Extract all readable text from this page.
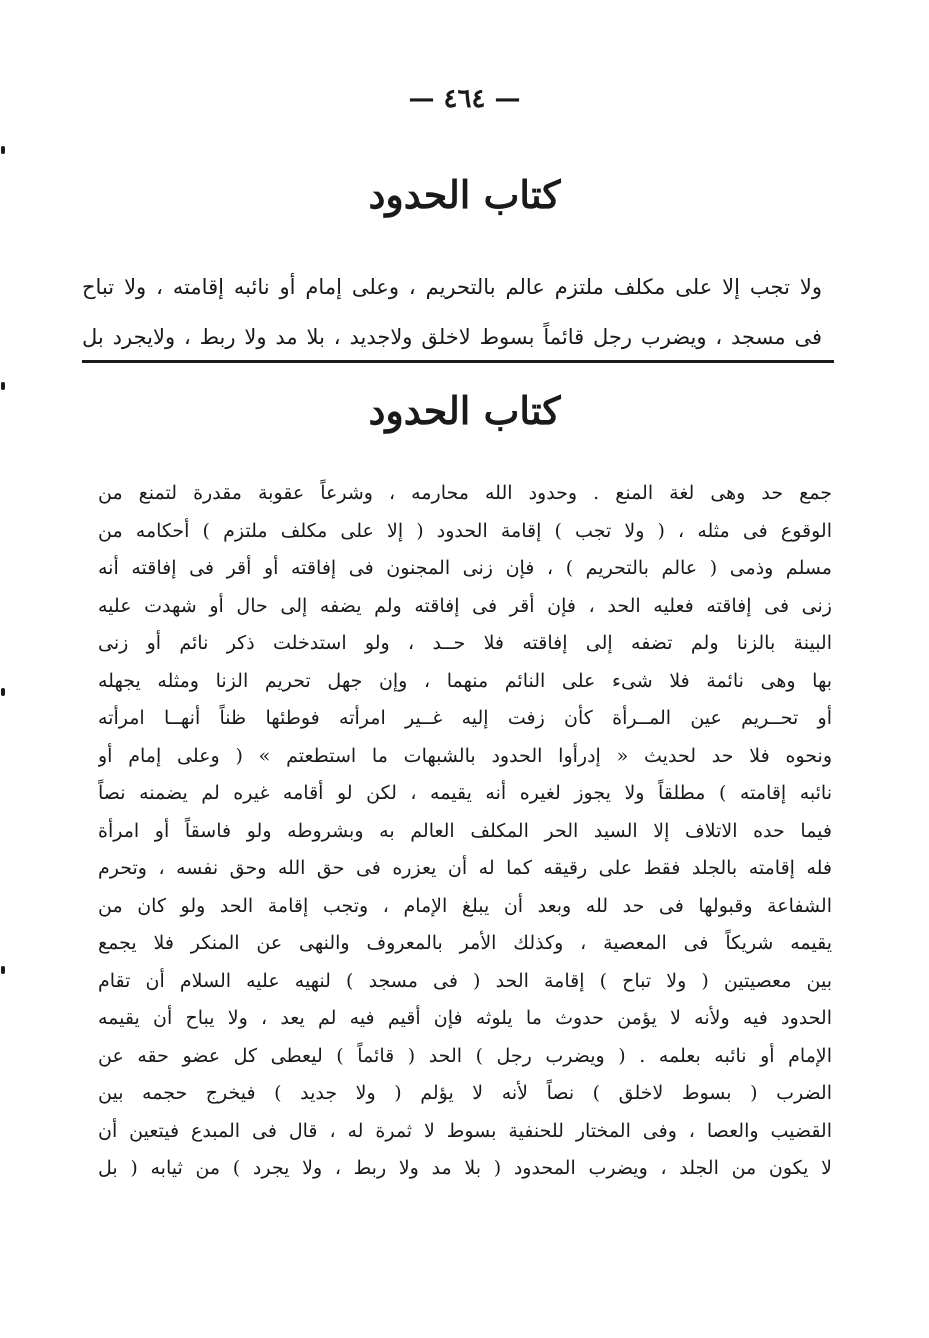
— ٤٦٤ —
كتاب الحدود

ولا تجب إلا على مكلف ملتزم عالم بالتحريم ، وعلى إمام أو نائبه إقامته ، ولا تباح

فى مسجد ، ويضرب رجل قائماً بسوط لاخلق ولاجديد ، بلا مد ولا ربط ، ولايجرد بل

كتاب الحدود
جمع حد وهى لغة المنع . وحدود الله محارمه ، وشرعاً عقوبة مقدرة لتمنع من
الوقوع فى مثله ، ( ولا تجب ) إقامة الحدود ( إلا على مكلف ملتزم ) أحكامه من
مسلم وذمى ( عالم بالتحريم ) ، فإن زنى المجنون فى إفاقته أو أقر فى إفاقته أنه
زنى فى إفاقته فعليه الحد ، فإن أقر فى إفاقته ولم يضفه إلى حال أو شهدت عليه
البينة بالزنا ولم تضفه إلى إفاقته فلا حــد ، ولو استدخلت ذكر نائم أو زنى
بها وهى نائمة فلا شىء على النائم منهما ، وإن جهل تحريم الزنا ومثله يجهله
أو تحــريم عين المــرأة كأن زفت إليه غــير امرأته فوطئها ظناً أنهــا امرأته
ونحوه فلا حد لحديث « إدرأوا الحدود بالشبهات ما استطعتم » ( وعلى إمام أو
نائبه إقامته ) مطلقاً ولا يجوز لغيره أنه يقيمه ، لكن لو أقامه غيره لم يضمنه نصاً
فيما حده الاتلاف إلا السيد الحر المكلف العالم به وبشروطه ولو فاسقاً أو امرأة
فله إقامته بالجلد فقط على رقيقه كما له أن يعزره فى حق الله وحق نفسه ، وتحرم
الشفاعة وقبولها فى حد لله وبعد أن يبلغ الإمام ، وتجب إقامة الحد ولو كان من
يقيمه شريكاً فى المعصية ، وكذلك الأمر بالمعروف والنهى عن المنكر فلا يجمع
بين معصيتين ( ولا تباح ) إقامة الحد ( فى مسجد ) لنهيه عليه السلام أن تقام
الحدود فيه ولأنه لا يؤمن حدوث ما يلوثه فإن أقيم فيه لم يعد ، ولا يباح أن يقيمه
الإمام أو نائبه بعلمه . ( ويضرب رجل ) الحد ( قائماً ) ليعطى كل عضو حقه عن
الضرب ( بسوط لاخلق ) نصاً لأنه لا يؤلم ( ولا جديد ) فيخرج حجمه بين
القضيب والعصا ، وفى المختار للحنفية بسوط لا ثمرة له ، قال فى المبدع فيتعين أن
لا يكون من الجلد ، ويضرب المحدود ( بلا مد ولا ربط ، ولا يجرد ) من ثيابه ( بل
